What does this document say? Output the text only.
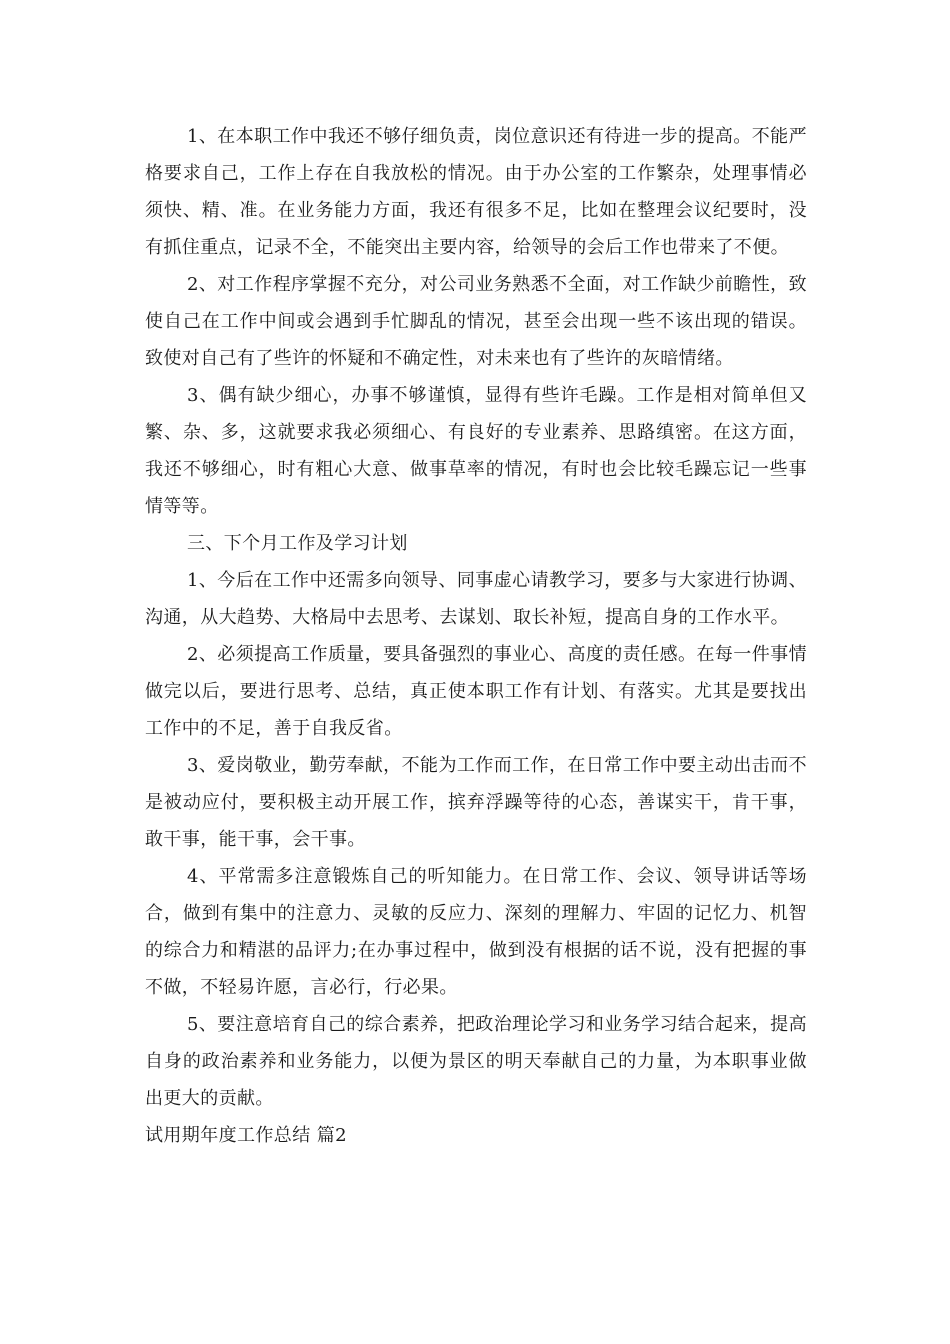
1、在本职工作中我还不够仔细负责，岗位意识还有待进一步的提高。不能严格要求自己，工作上存在自我放松的情况。由于办公室的工作繁杂，处理事情必须快、精、准。在业务能力方面，我还有很多不足，比如在整理会议纪要时，没有抓住重点，记录不全，不能突出主要内容，给领导的会后工作也带来了不便。

2、对工作程序掌握不充分，对公司业务熟悉不全面，对工作缺少前瞻性，致使自己在工作中间或会遇到手忙脚乱的情况，甚至会出现一些不该出现的错误。致使对自己有了些许的怀疑和不确定性，对未来也有了些许的灰暗情绪。

3、偶有缺少细心，办事不够谨慎，显得有些许毛躁。工作是相对简单但又繁、杂、多，这就要求我必须细心、有良好的专业素养、思路缜密。在这方面，我还不够细心，时有粗心大意、做事草率的情况，有时也会比较毛躁忘记一些事情等等。

三、下个月工作及学习计划

1、今后在工作中还需多向领导、同事虚心请教学习，要多与大家进行协调、沟通，从大趋势、大格局中去思考、去谋划、取长补短，提高自身的工作水平。

2、必须提高工作质量，要具备强烈的事业心、高度的责任感。在每一件事情做完以后，要进行思考、总结，真正使本职工作有计划、有落实。尤其是要找出工作中的不足，善于自我反省。

3、爱岗敬业，勤劳奉献，不能为工作而工作，在日常工作中要主动出击而不是被动应付，要积极主动开展工作，摈弃浮躁等待的心态，善谋实干，肯干事，敢干事，能干事，会干事。

4、平常需多注意锻炼自己的听知能力。在日常工作、会议、领导讲话等场合，做到有集中的注意力、灵敏的反应力、深刻的理解力、牢固的记忆力、机智的综合力和精湛的品评力;在办事过程中，做到没有根据的话不说，没有把握的事不做，不轻易许愿，言必行，行必果。

5、要注意培育自己的综合素养，把政治理论学习和业务学习结合起来，提高自身的政治素养和业务能力，以便为景区的明天奉献自己的力量，为本职事业做出更大的贡献。

试用期年度工作总结 篇2
